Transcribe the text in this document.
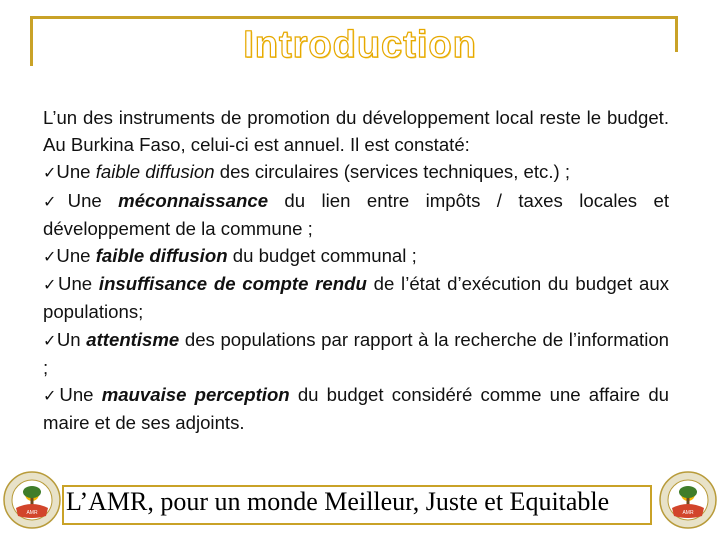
Introduction

L’un des instruments de promotion du développement local reste le budget. Au Burkina Faso, celui-ci est annuel. Il est constaté:

✓Une faible diffusion des circulaires (services techniques, etc.) ;

✓Une méconnaissance du lien entre impôts / taxes locales et développement de la commune ;

✓Une faible diffusion du budget communal ;

✓Une insuffisance de compte rendu de l’état d’exécution du budget aux populations;

✓Un attentisme des populations par rapport à la recherche de l’information ;

✓Une mauvaise perception du budget considéré comme une affaire du maire et de ses adjoints.

L’AMR, pour un monde Meilleur, Juste et Equitable
AMR	AMR
